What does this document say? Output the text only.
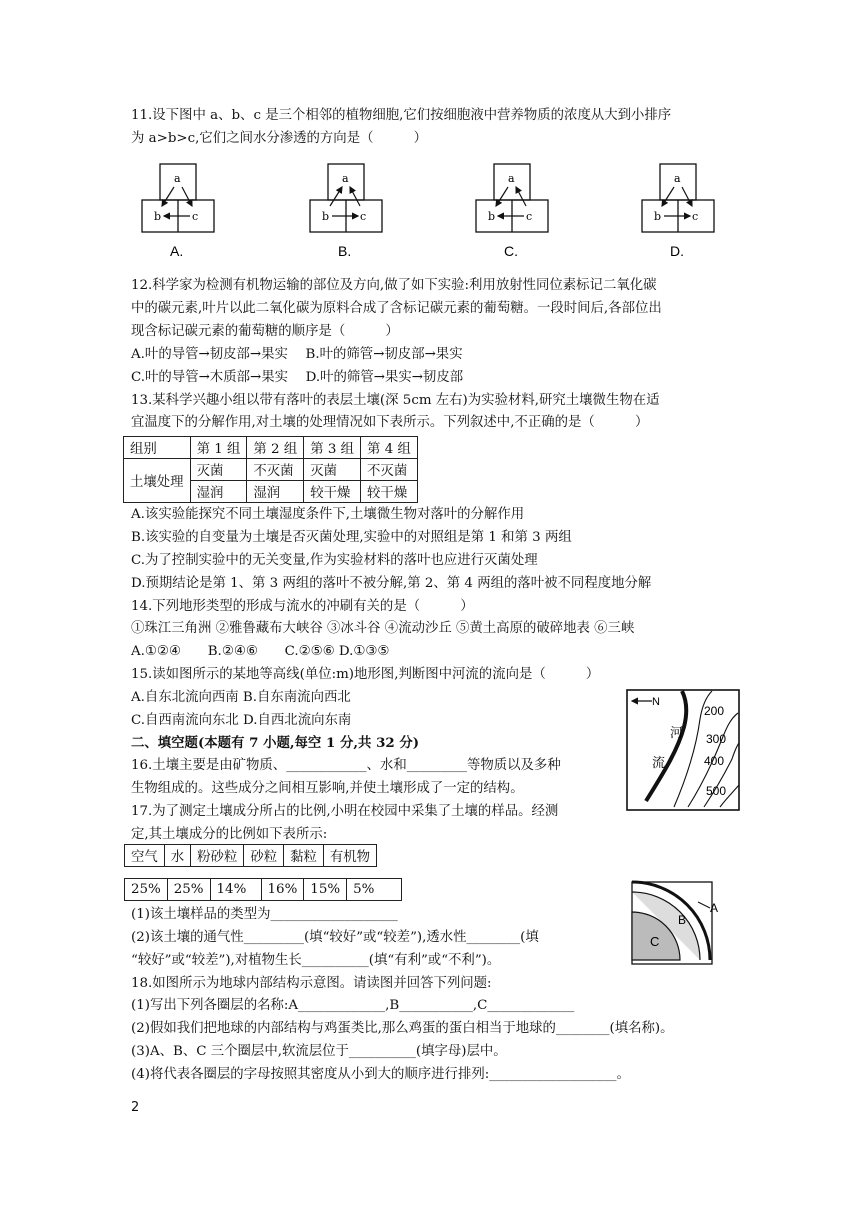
11.设下图中 a、b、c 是三个相邻的植物细胞,它们按细胞液中营养物质的浓度从大到小排序
为 a>b>c,它们之间水分渗透的方向是（　　　）
a
b	c
A.
a
b	c
B.
a
b	c
C.
a
b	c
D.
12.科学家为检测有机物运输的部位及方向,做了如下实验:利用放射性同位素标记二氧化碳
中的碳元素,叶片以此二氧化碳为原料合成了含标记碳元素的葡萄糖。一段时间后,各部位出
现含标记碳元素的葡萄糖的顺序是（　　　）
A.叶的导管→韧皮部→果实　 B.叶的筛管→韧皮部→果实
C.叶的导管→木质部→果实　 D.叶的筛管→果实→韧皮部
13.某科学兴趣小组以带有落叶的表层土壤(深 5cm 左右)为实验材料,研究土壤微生物在适
宜温度下的分解作用,对土壤的处理情况如下表所示。下列叙述中,不正确的是（　　　）
组别	第 1 组	第 2 组	第 3 组	第 4 组
土壤处理	灭菌	不灭菌	灭菌	不灭菌
	湿润	湿润	较干燥	较干燥
A.该实验能探究不同土壤湿度条件下,土壤微生物对落叶的分解作用
B.该实验的自变量为土壤是否灭菌处理,实验中的对照组是第 1 和第 3 两组
C.为了控制实验中的无关变量,作为实验材料的落叶也应进行灭菌处理
D.预期结论是第 1、第 3 两组的落叶不被分解,第 2、第 4 两组的落叶被不同程度地分解
14.下列地形类型的形成与流水的冲刷有关的是（　　　）
①珠江三角洲 ②雅鲁藏布大峡谷 ③冰斗谷 ④流动沙丘 ⑤黄土高原的破碎地表 ⑥三峡
A.①②④　　B.②④⑥　　C.②⑤⑥ D.①③⑤
15.读如图所示的某地等高线(单位:m)地形图,判断图中河流的流向是（　　　）
A.自东北流向西南 B.自东南流向西北
C.自西南流向东北 D.自西北流向东南
N
河
流
200
300
400
500
二、填空题(本题有 7 小题,每空 1 分,共 32 分)
16.土壤主要是由矿物质、____________、水和_________等物质以及多种
生物组成的。这些成分之间相互影响,并使土壤形成了一定的结构。
17.为了测定土壤成分所占的比例,小明在校园中采集了土壤的样品。经测
定,其土壤成分的比例如下表所示:
空气	水	粉砂粒	砂粒	黏粒	有机物
25%	25%	14%	16%	15%	5%
(1)该土壤样品的类型为___________________
(2)该土壤的通气性_________(填“较好”或“较差”),透水性________(填
“较好”或“较差”),对植物生长__________(填“有利”或“不利”)。
A
B
C
18.如图所示为地球内部结构示意图。请读图并回答下列问题:
(1)写出下列各圈层的名称:A_____________,B___________,C_____________
(2)假如我们把地球的内部结构与鸡蛋类比,那么鸡蛋的蛋白相当于地球的________(填名称)。
(3)A、B、C 三个圈层中,软流层位于__________(填字母)层中。
(4)将代表各圈层的字母按照其密度从小到大的顺序进行排列:___________________。
2
